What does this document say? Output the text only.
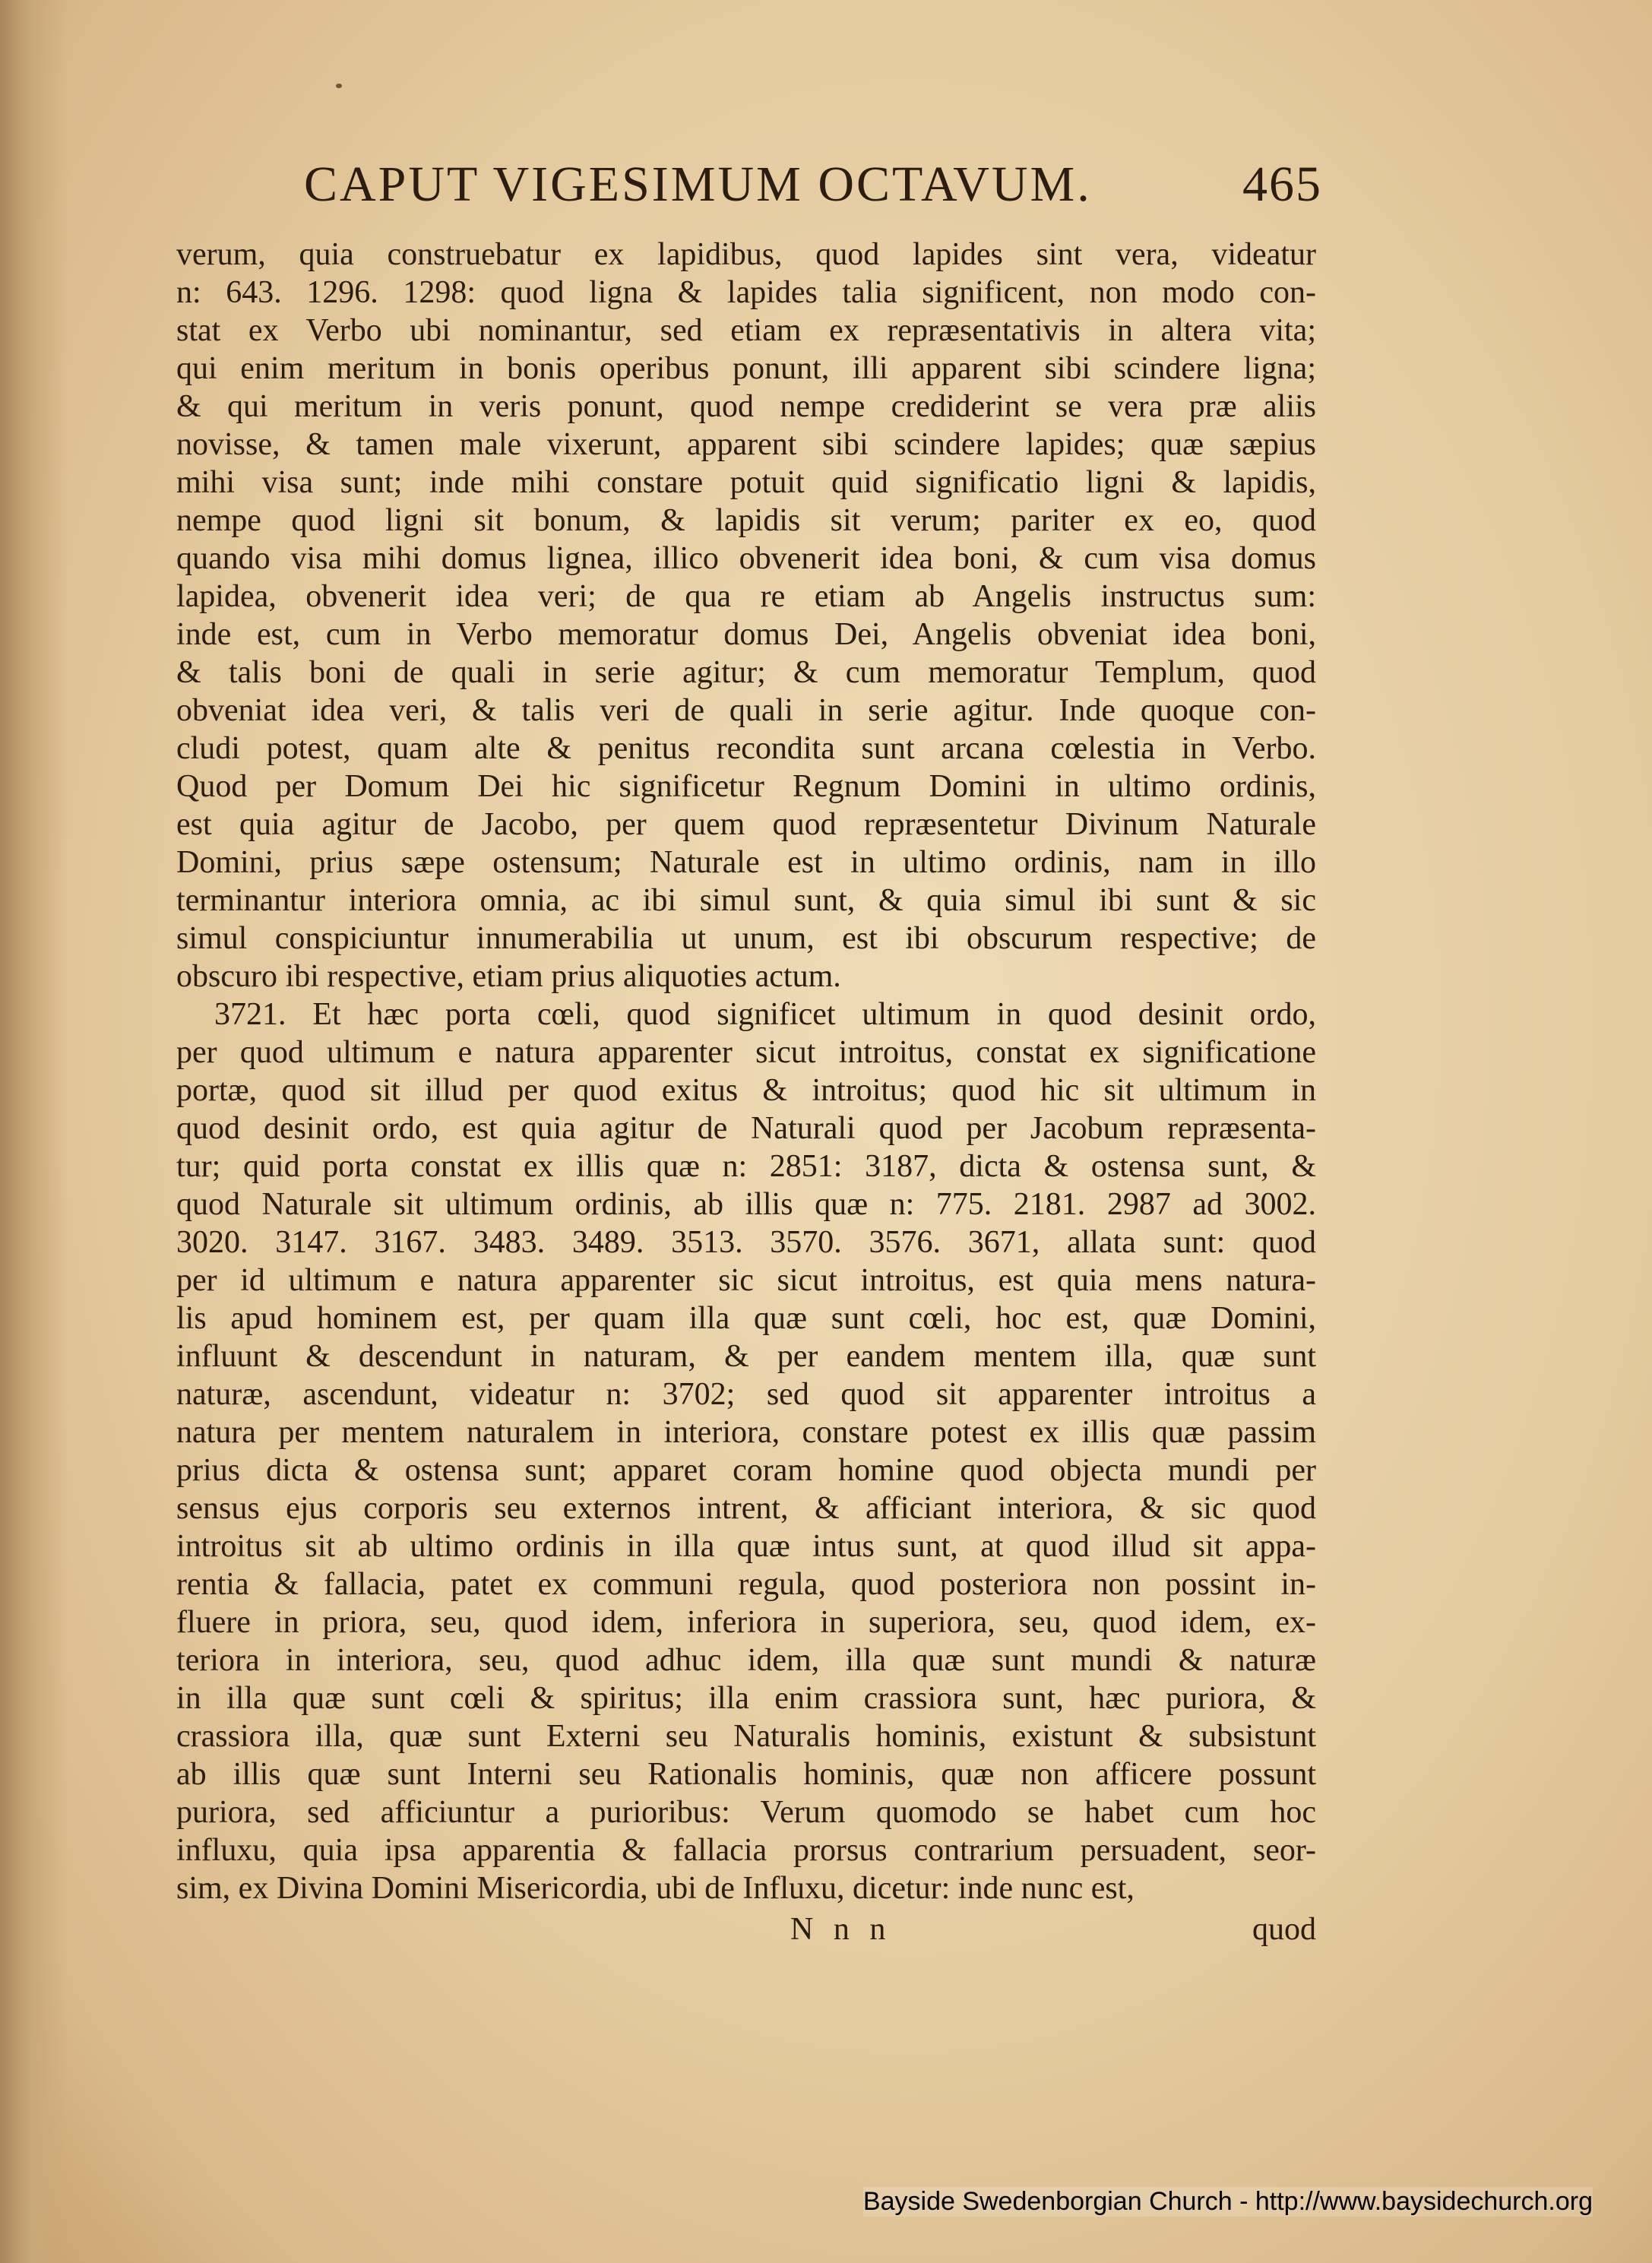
CAPUT VIGESIMUM OCTAVUM.	465
verum, quia construebatur ex lapidibus, quod lapides sint vera, videatur
n: 643. 1296. 1298: quod ligna & lapides talia significent, non modo con-
stat ex Verbo ubi nominantur, sed etiam ex repræsentativis in altera vita;
qui enim meritum in bonis operibus ponunt, illi apparent sibi scindere ligna;
& qui meritum in veris ponunt, quod nempe crediderint se vera præ aliis
novisse, & tamen male vixerunt, apparent sibi scindere lapides; quæ sæpius
mihi visa sunt; inde mihi constare potuit quid significatio ligni & lapidis,
nempe quod ligni sit bonum, & lapidis sit verum; pariter ex eo, quod
quando visa mihi domus lignea, illico obvenerit idea boni, & cum visa domus
lapidea, obvenerit idea veri; de qua re etiam ab Angelis instructus sum:
inde est, cum in Verbo memoratur domus Dei, Angelis obveniat idea boni,
& talis boni de quali in serie agitur; & cum memoratur Templum, quod
obveniat idea veri, & talis veri de quali in serie agitur. Inde quoque con-
cludi potest, quam alte & penitus recondita sunt arcana cœlestia in Verbo.
Quod per Domum Dei hic significetur Regnum Domini in ultimo ordinis,
est quia agitur de Jacobo, per quem quod repræsentetur Divinum Naturale
Domini, prius sæpe ostensum; Naturale est in ultimo ordinis, nam in illo
terminantur interiora omnia, ac ibi simul sunt, & quia simul ibi sunt & sic
simul conspiciuntur innumerabilia ut unum, est ibi obscurum respective; de
obscuro ibi respective, etiam prius aliquoties actum.
3721. Et hæc porta cœli, quod significet ultimum in quod desinit ordo,
per quod ultimum e natura apparenter sicut introitus, constat ex significatione
portæ, quod sit illud per quod exitus & introitus; quod hic sit ultimum in
quod desinit ordo, est quia agitur de Naturali quod per Jacobum repræsenta-
tur; quid porta constat ex illis quæ n: 2851: 3187, dicta & ostensa sunt, &
quod Naturale sit ultimum ordinis, ab illis quæ n: 775. 2181. 2987 ad 3002.
3020. 3147. 3167. 3483. 3489. 3513. 3570. 3576. 3671, allata sunt: quod
per id ultimum e natura apparenter sic sicut introitus, est quia mens natura-
lis apud hominem est, per quam illa quæ sunt cœli, hoc est, quæ Domini,
influunt & descendunt in naturam, & per eandem mentem illa, quæ sunt
naturæ, ascendunt, videatur n: 3702; sed quod sit apparenter introitus a
natura per mentem naturalem in interiora, constare potest ex illis quæ passim
prius dicta & ostensa sunt; apparet coram homine quod objecta mundi per
sensus ejus corporis seu externos intrent, & afficiant interiora, & sic quod
introitus sit ab ultimo ordinis in illa quæ intus sunt, at quod illud sit appa-
rentia & fallacia, patet ex communi regula, quod posteriora non possint in-
fluere in priora, seu, quod idem, inferiora in superiora, seu, quod idem, ex-
teriora in interiora, seu, quod adhuc idem, illa quæ sunt mundi & naturæ
in illa quæ sunt cœli & spiritus; illa enim crassiora sunt, hæc puriora, &
crassiora illa, quæ sunt Externi seu Naturalis hominis, existunt & subsistunt
ab illis quæ sunt Interni seu Rationalis hominis, quæ non afficere possunt
puriora, sed afficiuntur a purioribus: Verum quomodo se habet cum hoc
influxu, quia ipsa apparentia & fallacia prorsus contrarium persuadent, seor-
sim, ex Divina Domini Misericordia, ubi de Influxu, dicetur: inde nunc est,
N n n	quod
Bayside Swedenborgian Church - http://www.baysidechurch.org
